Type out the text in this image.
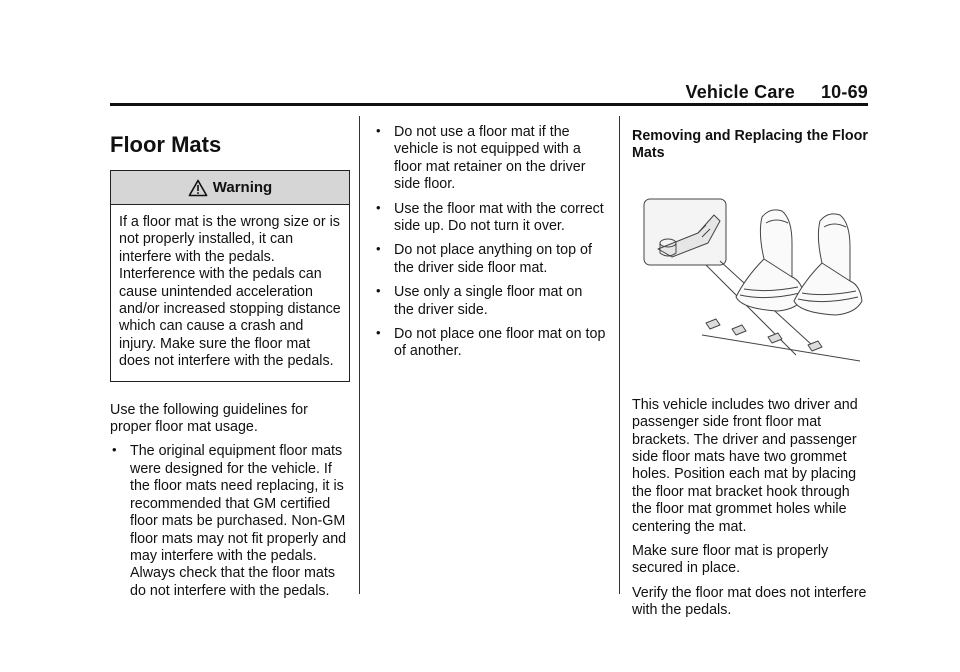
Vehicle Care 10-69
Floor Mats
Warning
If a floor mat is the wrong size or is not properly installed, it can interfere with the pedals. Interference with the pedals can cause unintended acceleration and/or increased stopping distance which can cause a crash and injury. Make sure the floor mat does not interfere with the pedals.

Use the following guidelines for proper floor mat usage.

• The original equipment floor mats were designed for the vehicle. If the floor mats need replacing, it is recommended that GM certified floor mats be purchased. Non-GM floor mats may not fit properly and may interfere with the pedals. Always check that the floor mats do not interfere with the pedals.
• Do not use a floor mat if the vehicle is not equipped with a floor mat retainer on the driver side floor.
• Use the floor mat with the correct side up. Do not turn it over.
• Do not place anything on top of the driver side floor mat.
• Use only a single floor mat on the driver side.
• Do not place one floor mat on top of another.
Removing and Replacing the Floor Mats

This vehicle includes two driver and passenger side front floor mat brackets. The driver and passenger side floor mats have two grommet holes. Position each mat by placing the floor mat bracket hook through the floor mat grommet holes while centering the mat.

Make sure floor mat is properly secured in place.

Verify the floor mat does not interfere with the pedals.
